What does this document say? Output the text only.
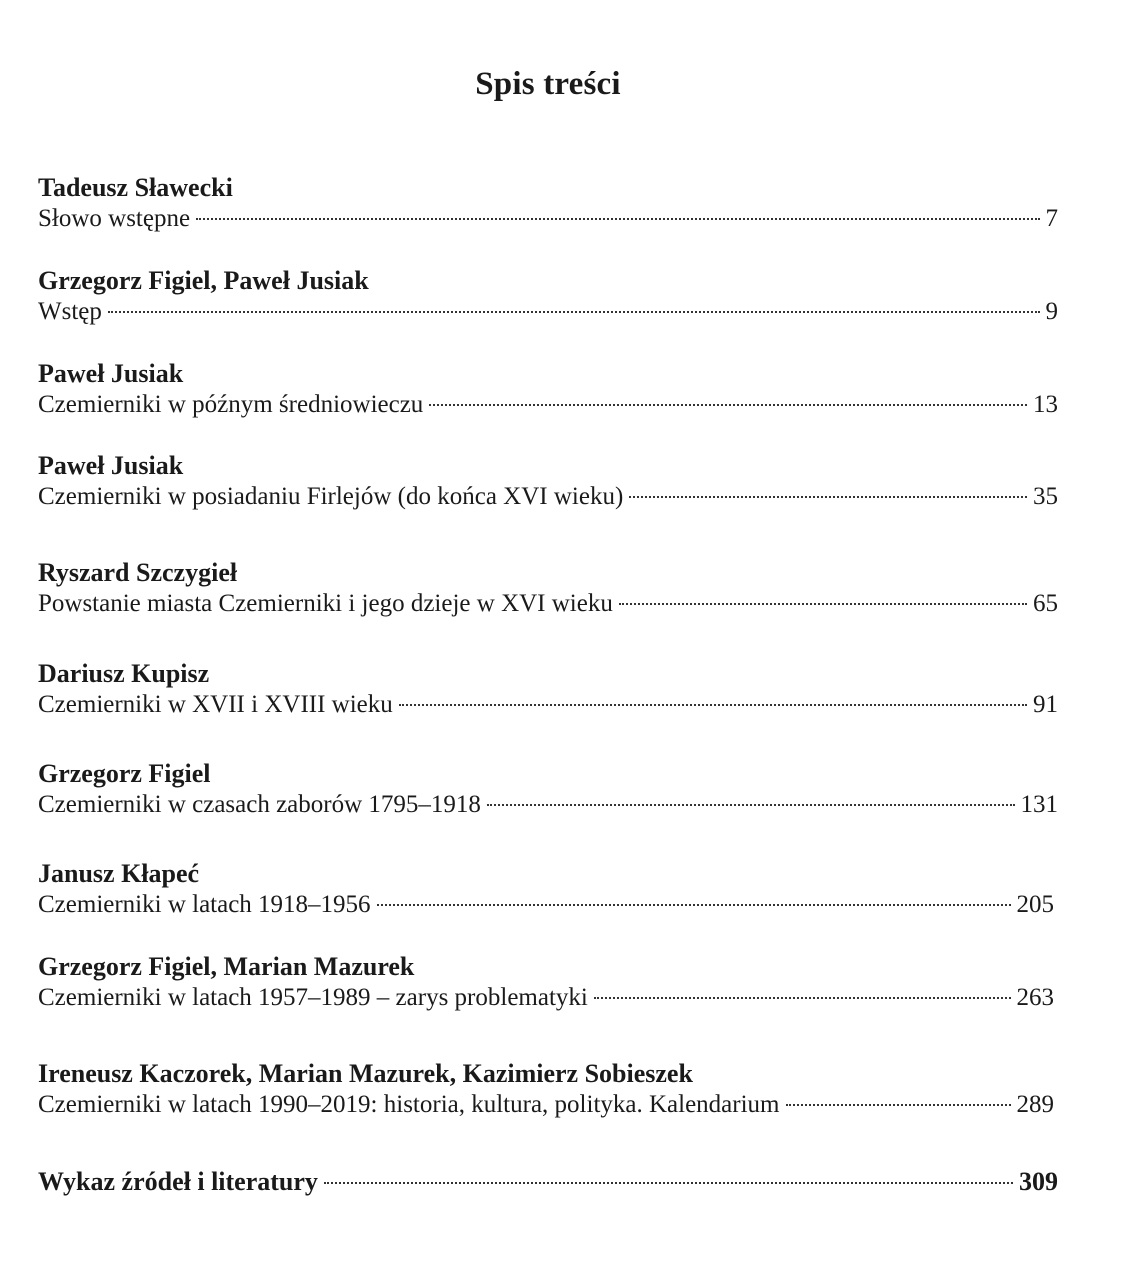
Spis treści
Tadeusz Sławecki
Słowo wstępne	7
Grzegorz Figiel, Paweł Jusiak
Wstęp	9
Paweł Jusiak
Czemierniki w późnym średniowieczu	13
Paweł Jusiak
Czemierniki w posiadaniu Firlejów (do końca XVI wieku)	35
Ryszard Szczygieł
Powstanie miasta Czemierniki i jego dzieje w XVI wieku	65
Dariusz Kupisz
Czemierniki w XVII i XVIII wieku	91
Grzegorz Figiel
Czemierniki w czasach zaborów 1795–1918	131
Janusz Kłapeć
Czemierniki w latach 1918–1956	205
Grzegorz Figiel, Marian Mazurek
Czemierniki w latach 1957–1989 – zarys problematyki	263
Ireneusz Kaczorek, Marian Mazurek, Kazimierz Sobieszek
Czemierniki w latach 1990–2019: historia, kultura, polityka. Kalendarium	289
Wykaz źródeł i literatury	309
